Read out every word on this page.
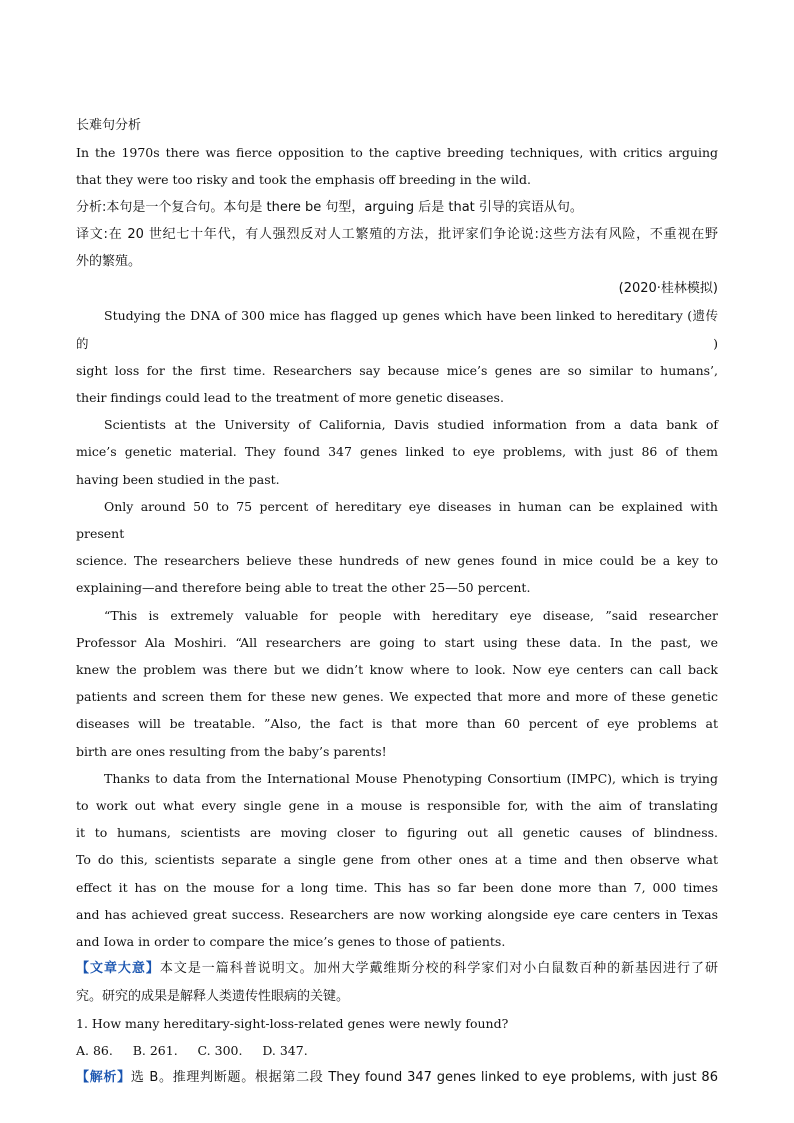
长难句分析

In the 1970s there was fierce opposition to the captive breeding techniques, with critics arguing

that they were too risky and took the emphasis off breeding in the wild.

分析:本句是一个复合句。本句是 there be 句型，arguing 后是 that 引导的宾语从句。

译文:在 20 世纪七十年代，有人强烈反对人工繁殖的方法，批评家们争论说:这些方法有风险，不重视在野

外的繁殖。

(2020·桂林模拟)

Studying the DNA of 300 mice has flagged up genes which have been linked to hereditary (遗传的)

sight loss for the first time. Researchers say because mice’s genes are so similar to humans’,

their findings could lead to the treatment of more genetic diseases.

Scientists at the University of California, Davis studied information from a data bank of

mice’s genetic material. They found 347 genes linked to eye problems, with just 86 of them

having been studied in the past.

Only around 50 to 75 percent of hereditary eye diseases in human can be explained with present

science. The researchers believe these hundreds of new genes found in mice could be a key to

explaining—and therefore being able to treat the other 25—50 percent.

“This is extremely valuable for people with hereditary eye disease, ”said researcher

Professor Ala Moshiri. “All researchers are going to start using these data. In the past, we

knew the problem was there but we didn’t know where to look. Now eye centers can call back

patients and screen them for these new genes. We expected that more and more of these genetic

diseases will be treatable. ”Also, the fact is that more than 60 percent of eye problems at

birth are ones resulting from the baby’s parents!

Thanks to data from the International Mouse Phenotyping Consortium (IMPC), which is trying

to work out what every single gene in a mouse is responsible for, with the aim of translating

it to humans, scientists are moving closer to figuring out all genetic causes of blindness.

To do this, scientists separate a single gene from other ones at a time and then observe what

effect it has on the mouse for a long time. This has so far been done more than 7, 000 times

and has achieved great success. Researchers are now working alongside eye care centers in Texas

and Iowa in order to compare the mice’s genes to those of patients.

【文章大意】本文是一篇科普说明文。加州大学戴维斯分校的科学家们对小白鼠数百种的新基因进行了研

究。研究的成果是解释人类遗传性眼病的关键。

1. How many hereditary-sight-loss-related genes were newly found?

A. 86.     B. 261.     C. 300.     D. 347.

【解析】选 B。推理判断题。根据第二段 They found 347 genes linked to eye problems, with just 86
